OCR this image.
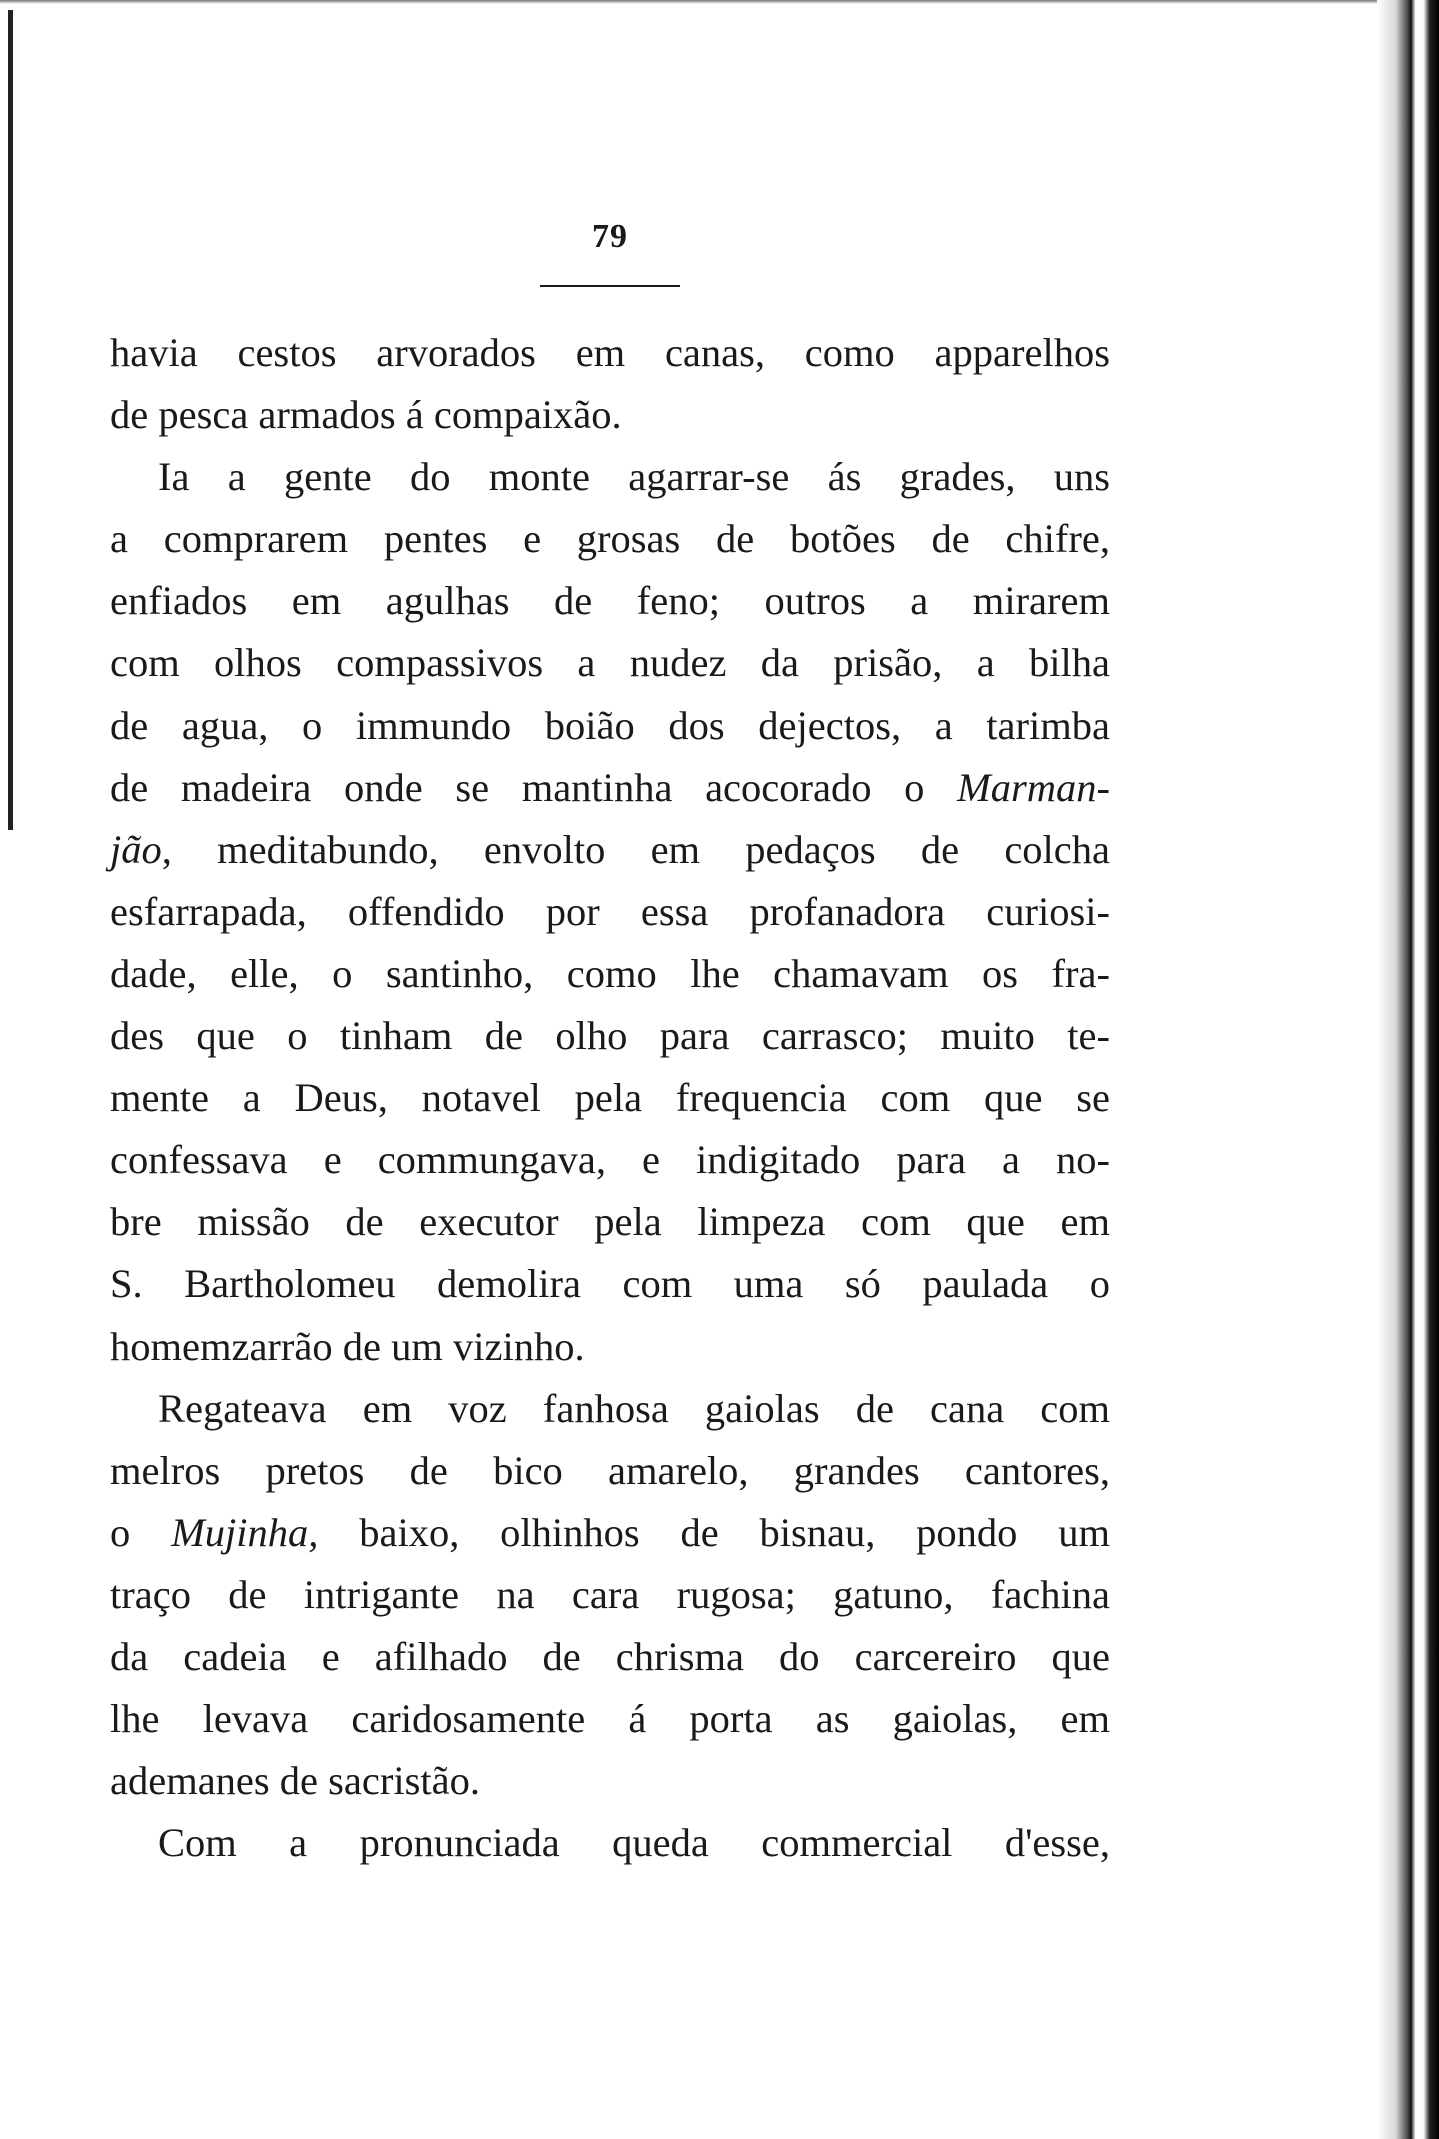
79
havia cestos arvorados em canas, como apparelhos
de pesca armados á compaixão.
Ia a gente do monte agarrar-se ás grades, uns
a comprarem pentes e grosas de botões de chifre,
enfiados em agulhas de feno; outros a mirarem
com olhos compassivos a nudez da prisão, a bilha
de agua, o immundo boião dos dejectos, a tarimba
de madeira onde se mantinha acocorado o Marman-
jão, meditabundo, envolto em pedaços de colcha
esfarrapada, offendido por essa profanadora curiosi-
dade, elle, o santinho, como lhe chamavam os fra-
des que o tinham de olho para carrasco; muito te-
mente a Deus, notavel pela frequencia com que se
confessava e commungava, e indigitado para a no-
bre missão de executor pela limpeza com que em
S. Bartholomeu demolira com uma só paulada o
homemzarrão de um vizinho.
Regateava em voz fanhosa gaiolas de cana com
melros pretos de bico amarelo, grandes cantores,
o Mujinha, baixo, olhinhos de bisnau, pondo um
traço de intrigante na cara rugosa; gatuno, fachina
da cadeia e afilhado de chrisma do carcereiro que
lhe levava caridosamente á porta as gaiolas, em
ademanes de sacristão.
Com a pronunciada queda commercial d'esse,
